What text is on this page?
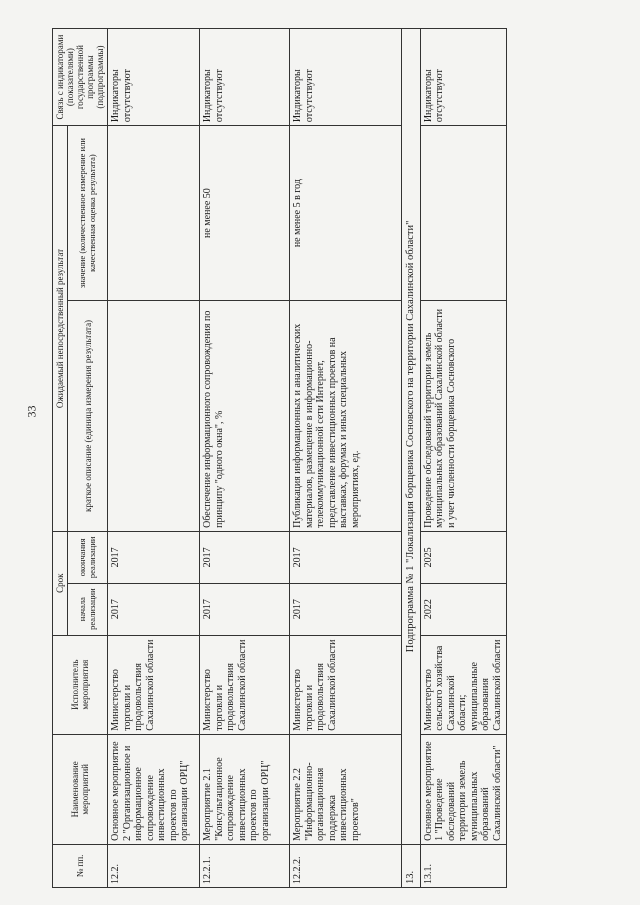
33
№ пп.	Наименование мероприятий	Исполнитель мероприятия	Срок		Ожидаемый непосредственный результат		Связь с индикаторами (показателями) государственной программы (подпрограммы)
			начала реализации	окончания реализации	краткое описание (единица измерения результата)	значение (количественное измерение или качественная оценка результата)	

12.2.	Основное мероприятие 2 "Организационное и информационное сопровождение инвестиционных проектов по организации ОРЦ"	Министерство торговли и продовольствия Сахалинской области	2017	2017			Индикаторы отсутствуют
12.2.1.	Мероприятие 2.1 "Консультационное сопровождение инвестиционных проектов по организации ОРЦ"	Министерство торговли и продовольствия Сахалинской области	2017	2017	Обеспечение информационного сопровождения по принципу "одного окна", %	не менее 50	Индикаторы отсутствуют
12.2.2.	Мероприятие 2.2 "Информационно-организационная поддержка инвестиционных проектов"	Министерство торговли и продовольствия Сахалинской области	2017	2017	Публикация информационных и аналитических материалов, размещение в информационно-телекоммуникационной сети Интернет, представление инвестиционных проектов на выставках, форумах и иных специальных мероприятиях, ед.	не менее 5 в год	Индикаторы отсутствуют
13.	Подпрограмма № 1 "Локализация борщевика Сосновского на территории Сахалинской области"						
13.1.	Основное мероприятие 1 "Проведение обследований территории земель муниципальных образований Сахалинской области"	Министерство сельского хозяйства Сахалинской области; муниципальные образования Сахалинской области	2022	2025	Проведение обследований территории земель муниципальных образований Сахалинской области и учет численности борщевика Сосновского		Индикаторы отсутствуют
